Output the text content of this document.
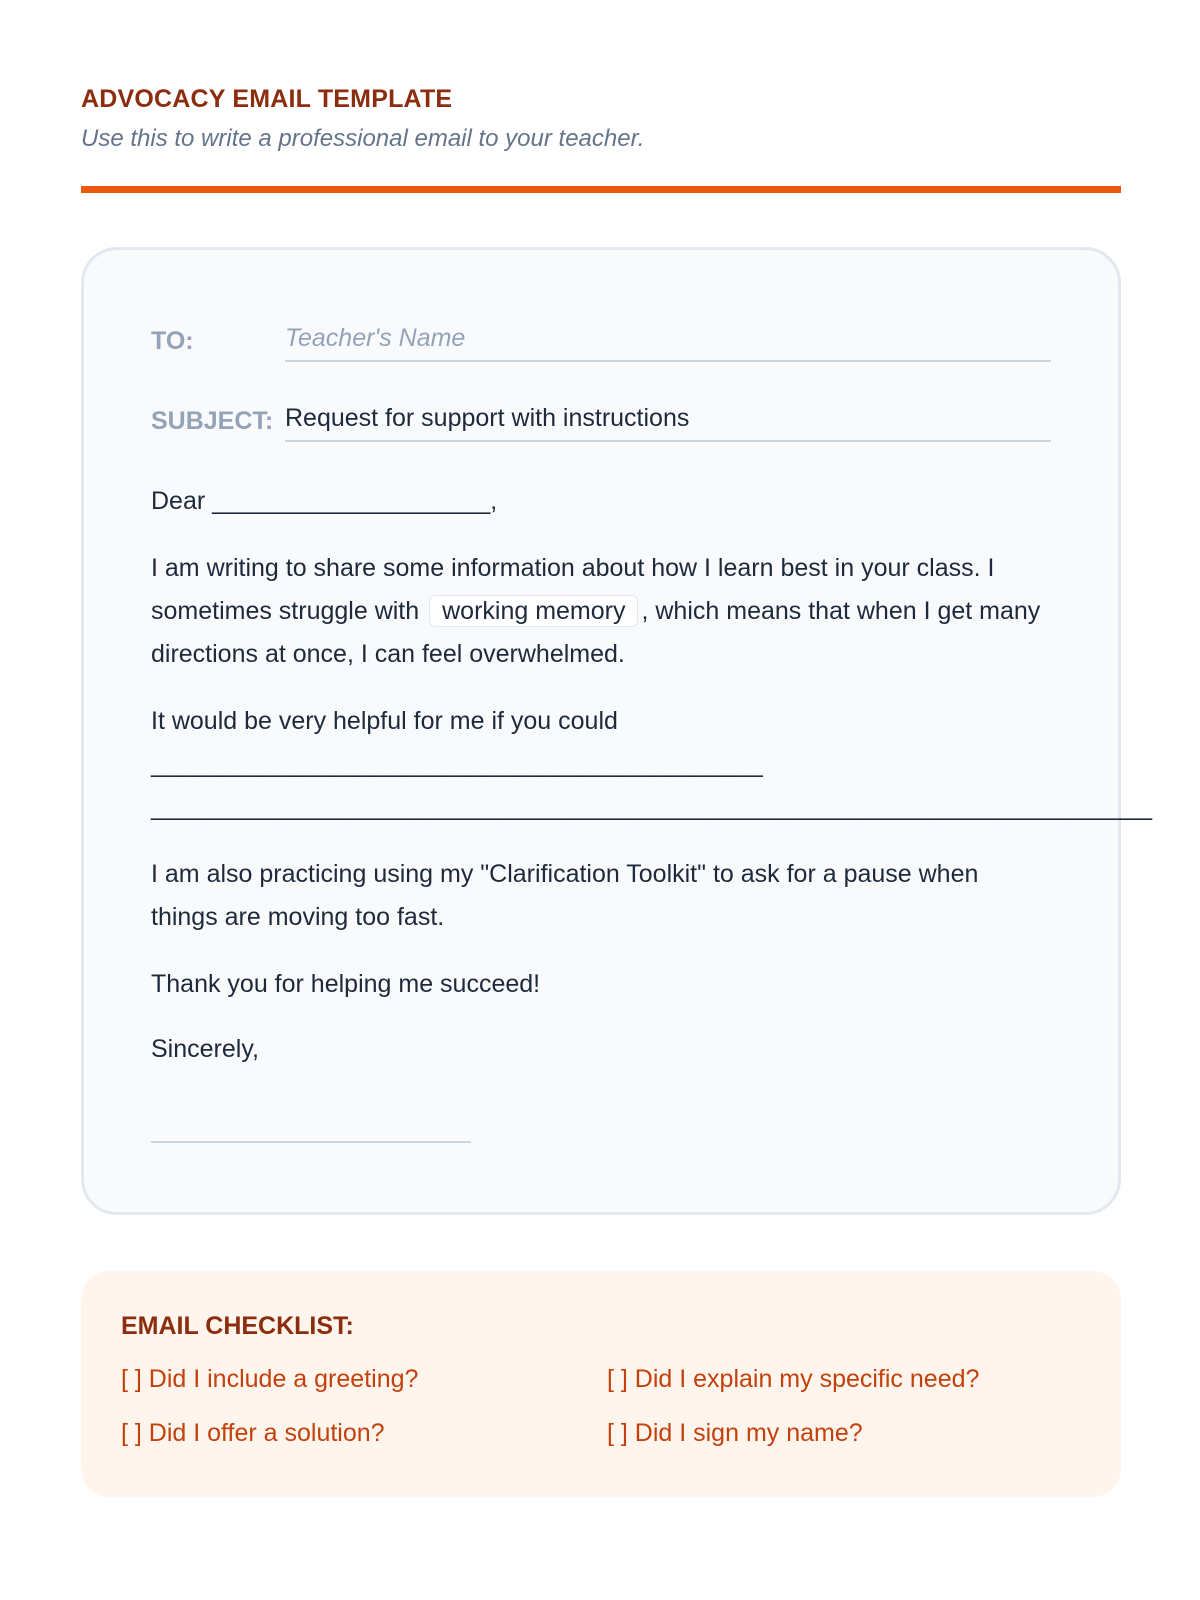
ADVOCACY EMAIL TEMPLATE
Use this to write a professional email to your teacher.
TO:	Teacher's Name
SUBJECT: Request for support with instructions
Dear ____________________,
I am writing to share some information about how I learn best in your class. I sometimes struggle with working memory , which means that when I get many directions at once, I can feel overwhelmed.
It would be very helpful for me if you could
____________________________________________
________________________________________________________________________
I am also practicing using my "Clarification Toolkit" to ask for a pause when things are moving too fast.
Thank you for helping me succeed!
Sincerely,
EMAIL CHECKLIST:
[ ] Did I include a greeting?	[ ] Did I explain my specific need?
[ ] Did I offer a solution?	[ ] Did I sign my name?
